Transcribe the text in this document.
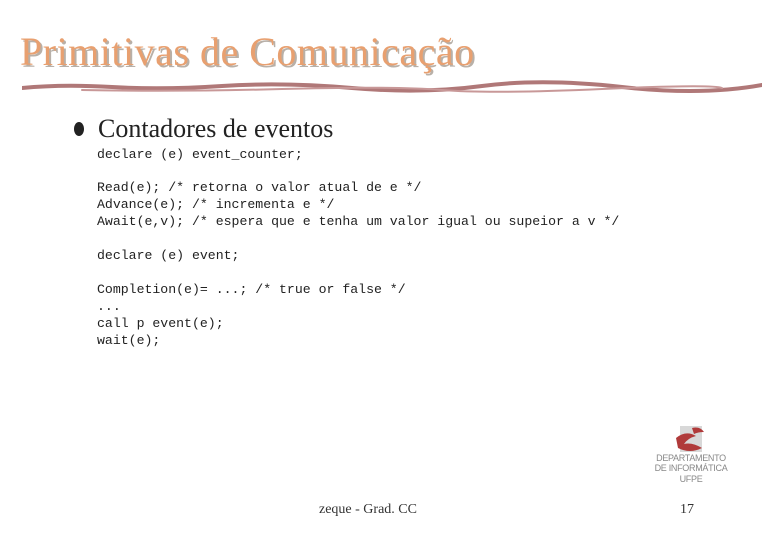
Primitivas de Comunicação
Contadores de eventos
declare (e) event_counter;
Read(e); /* retorna o valor atual de e */
Advance(e); /* incrementa e */
Await(e,v); /* espera que e tenha um valor igual ou supeior a v */
declare (e) event;
Completion(e)= ...; /* true or false */
...
call p event(e);
wait(e);
DEPARTAMENTO
DE INFORMÁTICA
UFPE
zeque - Grad. CC	17
